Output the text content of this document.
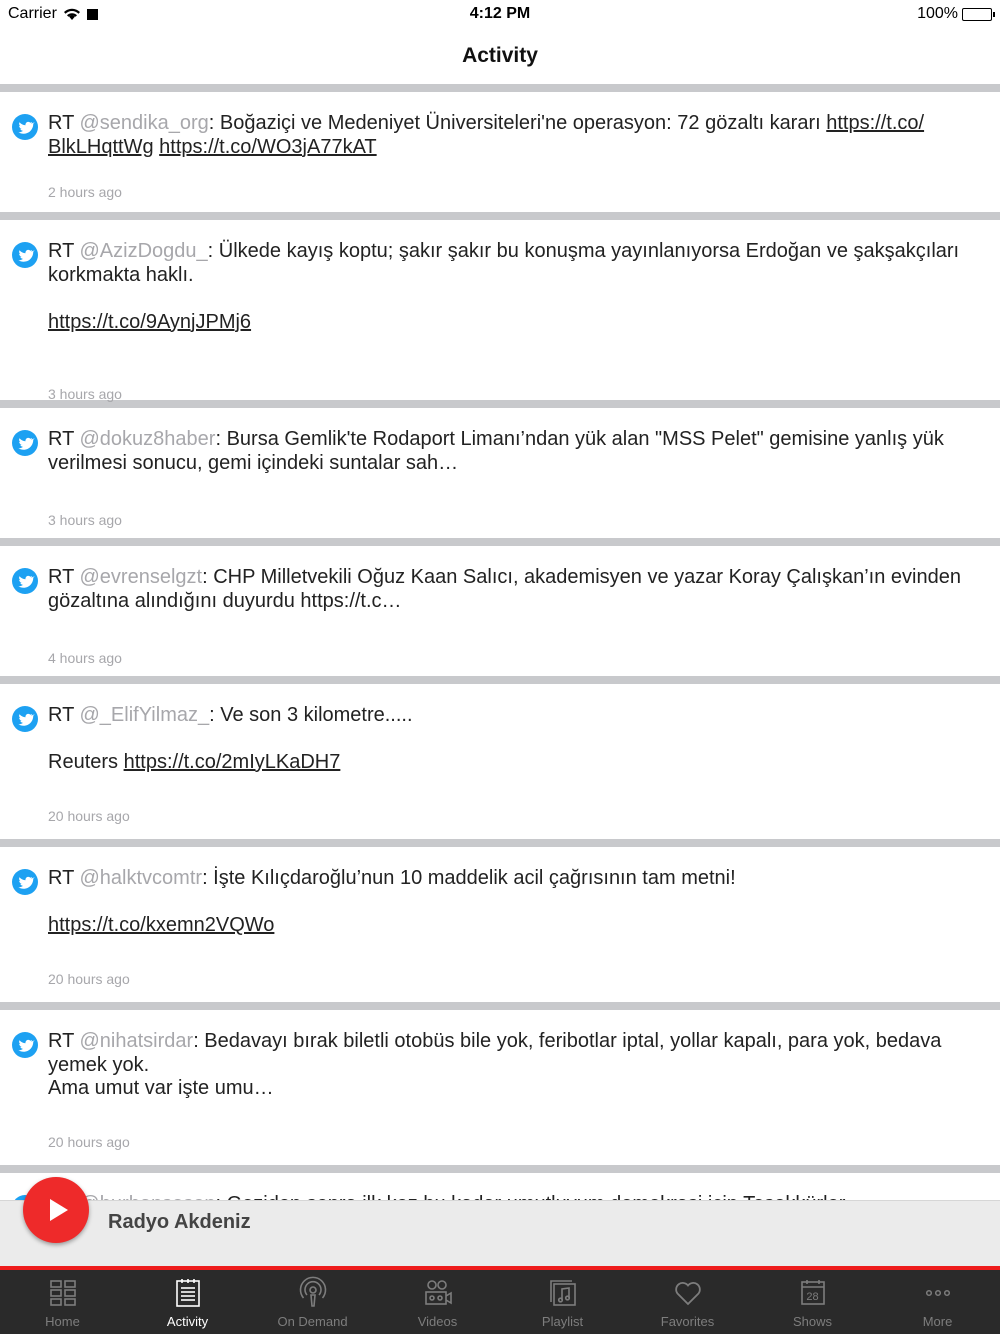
Carrier	4:12 PM	100%
Activity
RT @sendika_org: Boğaziçi ve Medeniyet Üniversiteleri'ne operasyon: 72 gözaltı kararı https://t.co/
BlkLHqttWg https://t.co/WO3jA77kAT
2 hours ago
RT @AzizDogdu_: Ülkede kayış koptu; şakır şakır bu konuşma yayınlanıyorsa Erdoğan ve şakşakçıları korkmakta haklı.

https://t.co/9AynjJPMj6
3 hours ago
RT @dokuz8haber: Bursa Gemlik'te Rodaport Limanı’ndan yük alan "MSS Pelet" gemisine yanlış yük verilmesi sonucu, gemi içindeki suntalar sah…
3 hours ago
RT @evrenselgzt: CHP Milletvekili Oğuz Kaan Salıcı, akademisyen ve yazar Koray Çalışkan’ın evinden gözaltına alındığını duyurdu https://t.c…
4 hours ago
RT @_ElifYilmaz_: Ve son 3 kilometre.....

Reuters https://t.co/2mIyLKaDH7
20 hours ago
RT @halktvcomtr: İşte Kılıçdaroğlu’nun 10 maddelik acil çağrısının tam metni!

https://t.co/kxemn2VQWo
20 hours ago
RT @nihatsirdar: Bedavayı bırak biletli otobüs bile yok, feribotlar iptal, yollar kapalı, para yok, bedava yemek yok.
Ama umut var işte umu…
20 hours ago
Radyo Akdeniz
Home	Activity	On Demand	Videos	Playlist	Favorites
28
Shows	More
